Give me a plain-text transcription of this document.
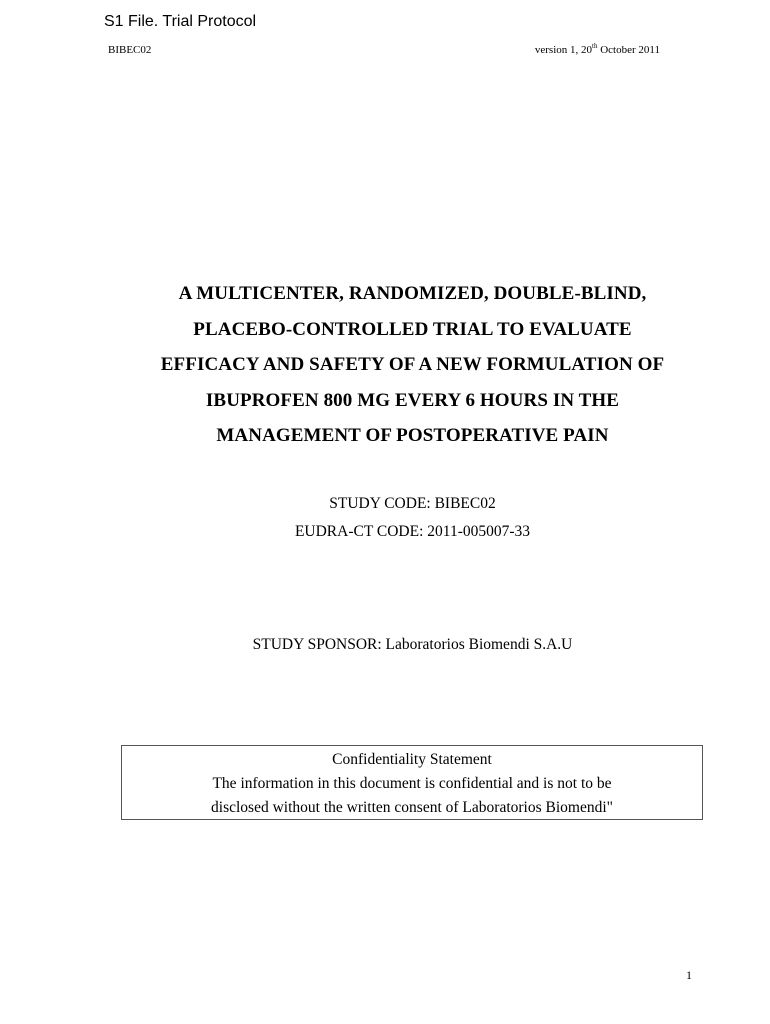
S1 File. Trial Protocol
BIBEC02	version 1, 20th October 2011
A MULTICENTER, RANDOMIZED, DOUBLE-BLIND,
PLACEBO-CONTROLLED TRIAL TO EVALUATE
EFFICACY AND SAFETY OF A NEW FORMULATION OF
IBUPROFEN 800 MG EVERY 6 HOURS IN THE
MANAGEMENT OF POSTOPERATIVE PAIN
STUDY CODE: BIBEC02
EUDRA-CT CODE: 2011-005007-33
STUDY SPONSOR: Laboratorios Biomendi S.A.U
Confidentiality Statement
The information in this document is confidential and is not to be
disclosed without the written consent of Laboratorios Biomendi"
1
